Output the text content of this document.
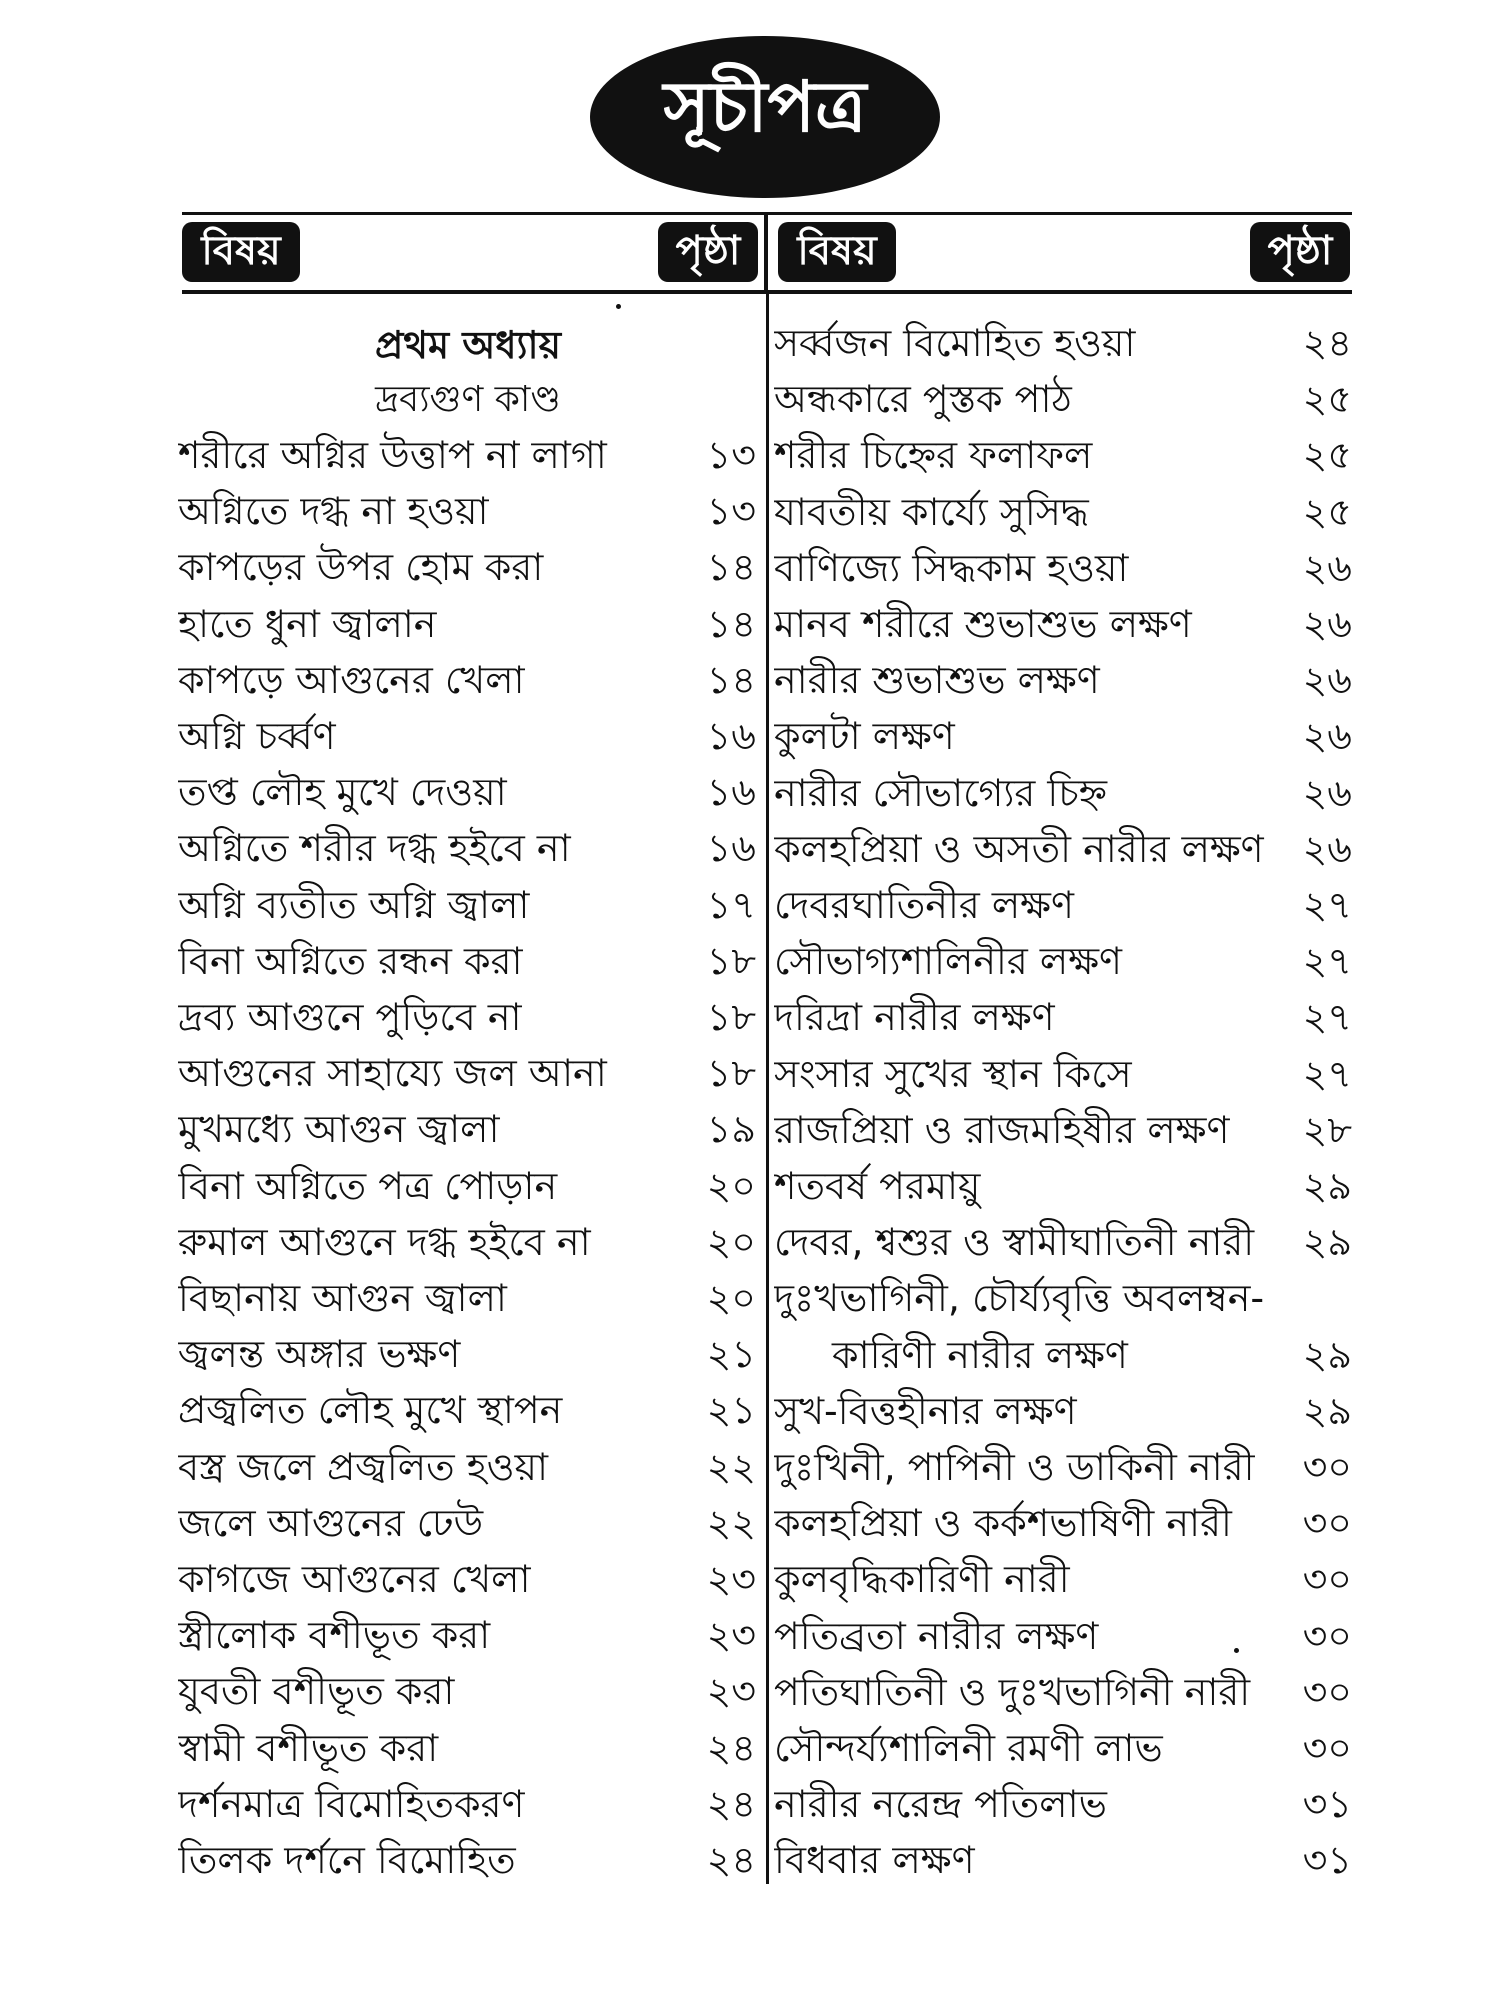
সূচীপত্র
বিষয়	পৃষ্ঠা বিষয়	পৃষ্ঠা
প্রথম অধ্যায়
দ্রব্যগুণ কাণ্ড
শরীরে অগ্নির উত্তাপ না লাগা	১৩
অগ্নিতে দগ্ধ না হওয়া	১৩
কাপড়ের উপর হোম করা	১৪
হাতে ধুনা জ্বালান	১৪
কাপড়ে আগুনের খেলা	১৪
অগ্নি চর্ব্বণ	১৬
তপ্ত লৌহ মুখে দেওয়া	১৬
অগ্নিতে শরীর দগ্ধ হইবে না	১৬
অগ্নি ব্যতীত অগ্নি জ্বালা	১৭
বিনা অগ্নিতে রন্ধন করা	১৮
দ্রব্য আগুনে পুড়িবে না	১৮
আগুনের সাহায্যে জল আনা	১৮
মুখমধ্যে আগুন জ্বালা	১৯
বিনা অগ্নিতে পত্র পোড়ান	২০
রুমাল আগুনে দগ্ধ হইবে না	২০
বিছানায় আগুন জ্বালা	২০
জ্বলন্ত অঙ্গার ভক্ষণ	২১
প্রজ্বলিত লৌহ মুখে স্থাপন	২১
বস্ত্র জলে প্রজ্বলিত হওয়া	২২
জলে আগুনের ঢেউ	২২
কাগজে আগুনের খেলা	২৩
স্ত্রীলোক বশীভূত করা	২৩
যুবতী বশীভূত করা	২৩
স্বামী বশীভূত করা	২৪
দর্শনমাত্র বিমোহিতকরণ	২৪
তিলক দর্শনে বিমোহিত	২৪
সর্ব্বজন বিমোহিত হওয়া	২৪
অন্ধকারে পুস্তক পাঠ	২৫
শরীর চিহ্নের ফলাফল	২৫
যাবতীয় কার্য্যে সুসিদ্ধ	২৫
বাণিজ্যে সিদ্ধকাম হওয়া	২৬
মানব শরীরে শুভাশুভ লক্ষণ	২৬
নারীর শুভাশুভ লক্ষণ	২৬
কুলটা লক্ষণ	২৬
নারীর সৌভাগ্যের চিহ্ন	২৬
কলহপ্রিয়া ও অসতী নারীর লক্ষণ	২৬
দেবরঘাতিনীর লক্ষণ	২৭
সৌভাগ্যশালিনীর লক্ষণ	২৭
দরিদ্রা নারীর লক্ষণ	২৭
সংসার সুখের স্থান কিসে	২৭
রাজপ্রিয়া ও রাজমহিষীর লক্ষণ	২৮
শতবর্ষ পরমায়ু	২৯
দেবর, শ্বশুর ও স্বামীঘাতিনী নারী	২৯
দুঃখভাগিনী, চৌর্য্যবৃত্তি অবলম্বন-
কারিণী নারীর লক্ষণ	২৯
সুখ-বিত্তহীনার লক্ষণ	২৯
দুঃখিনী, পাপিনী ও ডাকিনী নারী	৩০
কলহপ্রিয়া ও কর্কশভাষিণী নারী	৩০
কুলবৃদ্ধিকারিণী নারী	৩০
পতিব্রতা নারীর লক্ষণ	৩০
পতিঘাতিনী ও দুঃখভাগিনী নারী	৩০
সৌন্দর্য্যশালিনী রমণী লাভ	৩০
নারীর নরেন্দ্র পতিলাভ	৩১
বিধবার লক্ষণ	৩১
